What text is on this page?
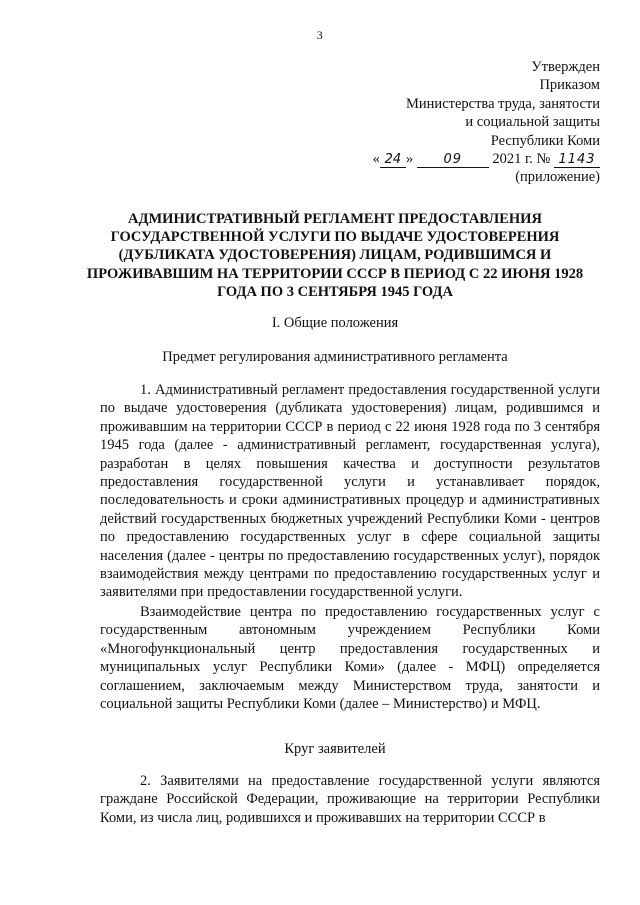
3
Утвержден
Приказом
Министерства труда, занятости
и социальной защиты
Республики Коми
« 24 » 09 2021 г. № 1143
(приложение)
АДМИНИСТРАТИВНЫЙ РЕГЛАМЕНТ ПРЕДОСТАВЛЕНИЯ ГОСУДАРСТВЕННОЙ УСЛУГИ ПО ВЫДАЧЕ УДОСТОВЕРЕНИЯ (ДУБЛИКАТА УДОСТОВЕРЕНИЯ) ЛИЦАМ, РОДИВШИМСЯ И ПРОЖИВАВШИМ НА ТЕРРИТОРИИ СССР В ПЕРИОД С 22 ИЮНЯ 1928 ГОДА ПО 3 СЕНТЯБРЯ 1945 ГОДА
I. Общие положения
Предмет регулирования административного регламента
1. Административный регламент предоставления государственной услуги по выдаче удостоверения (дубликата удостоверения) лицам, родившимся и проживавшим на территории СССР в период с 22 июня 1928 года по 3 сентября 1945 года (далее - административный регламент, государственная услуга), разработан в целях повышения качества и доступности результатов предоставления государственной услуги и устанавливает порядок, последовательность и сроки административных процедур и административных действий государственных бюджетных учреждений Республики Коми - центров по предоставлению государственных услуг в сфере социальной защиты населения (далее - центры по предоставлению государственных услуг), порядок взаимодействия между центрами по предоставлению государственных услуг и заявителями при предоставлении государственной услуги.
Взаимодействие центра по предоставлению государственных услуг с государственным автономным учреждением Республики Коми «Многофункциональный центр предоставления государственных и муниципальных услуг Республики Коми» (далее - МФЦ) определяется соглашением, заключаемым между Министерством труда, занятости и социальной защиты Республики Коми (далее – Министерство) и МФЦ.
Круг заявителей
2. Заявителями на предоставление государственной услуги являются граждане Российской Федерации, проживающие на территории Республики Коми, из числа лиц, родившихся и проживавших на территории СССР в
